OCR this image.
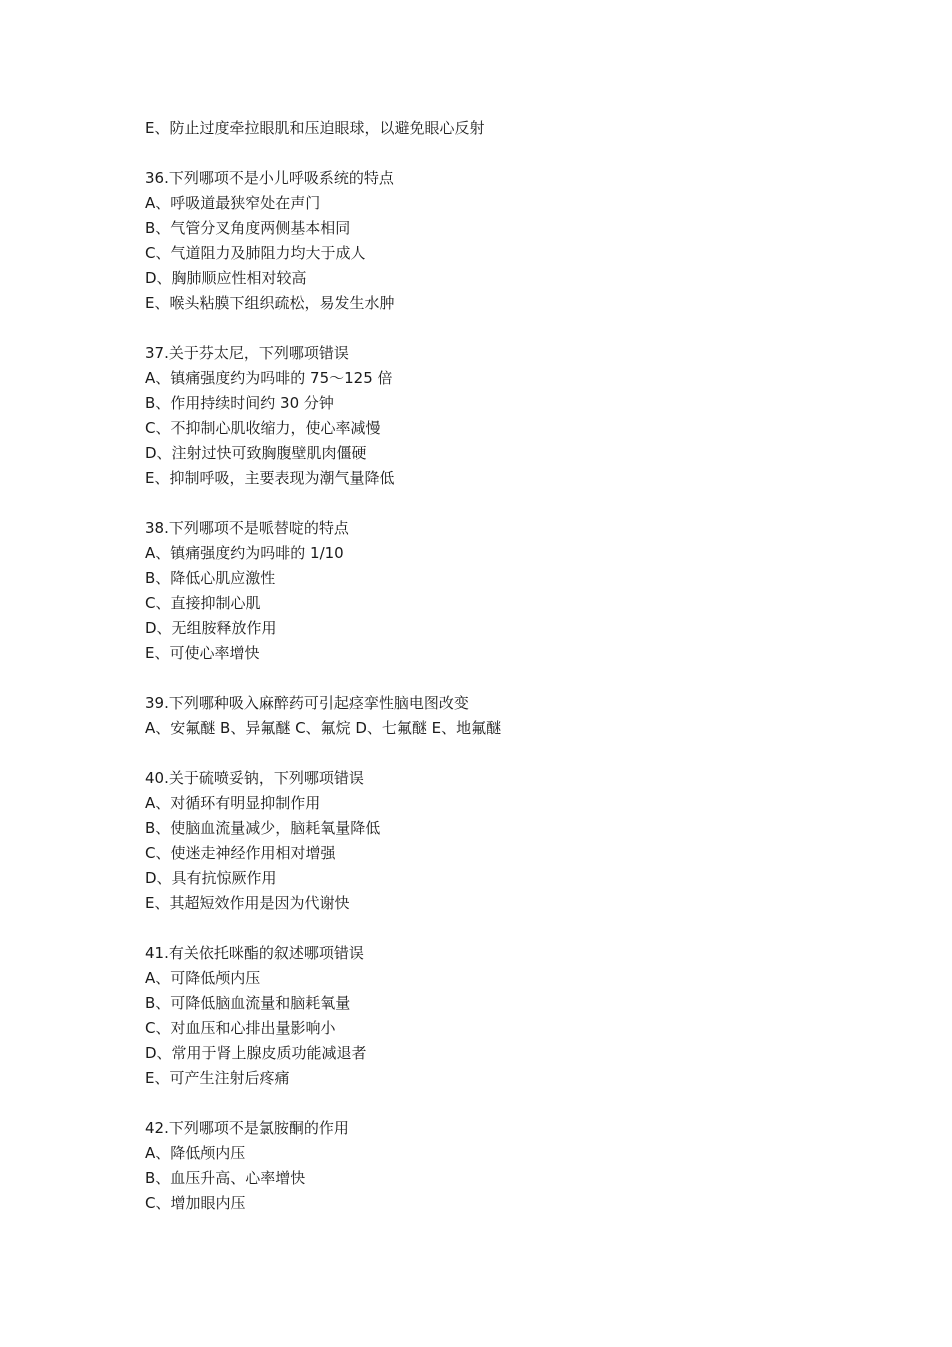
E、防止过度牵拉眼肌和压迫眼球，以避免眼心反射
36.下列哪项不是小儿呼吸系统的特点
A、呼吸道最狭窄处在声门
B、气管分叉角度两侧基本相同
C、气道阻力及肺阻力均大于成人
D、胸肺顺应性相对较高
E、喉头粘膜下组织疏松，易发生水肿
37.关于芬太尼，下列哪项错误
A、镇痛强度约为吗啡的 75～125 倍
B、作用持续时间约 30 分钟
C、不抑制心肌收缩力，使心率减慢
D、注射过快可致胸腹壁肌肉僵硬
E、抑制呼吸，主要表现为潮气量降低
38.下列哪项不是哌替啶的特点
A、镇痛强度约为吗啡的 1/10
B、降低心肌应激性
C、直接抑制心肌
D、无组胺释放作用
E、可使心率增快
39.下列哪种吸入麻醉药可引起痉挛性脑电图改变
A、安氟醚 B、异氟醚 C、氟烷 D、七氟醚 E、地氟醚
40.关于硫喷妥钠，下列哪项错误
A、对循环有明显抑制作用
B、使脑血流量减少，脑耗氧量降低
C、使迷走神经作用相对增强
D、具有抗惊厥作用
E、其超短效作用是因为代谢快
41.有关依托咪酯的叙述哪项错误
A、可降低颅内压
B、可降低脑血流量和脑耗氧量
C、对血压和心排出量影响小
D、常用于肾上腺皮质功能减退者
E、可产生注射后疼痛
42.下列哪项不是氯胺酮的作用
A、降低颅内压
B、血压升高、心率增快
C、增加眼内压
